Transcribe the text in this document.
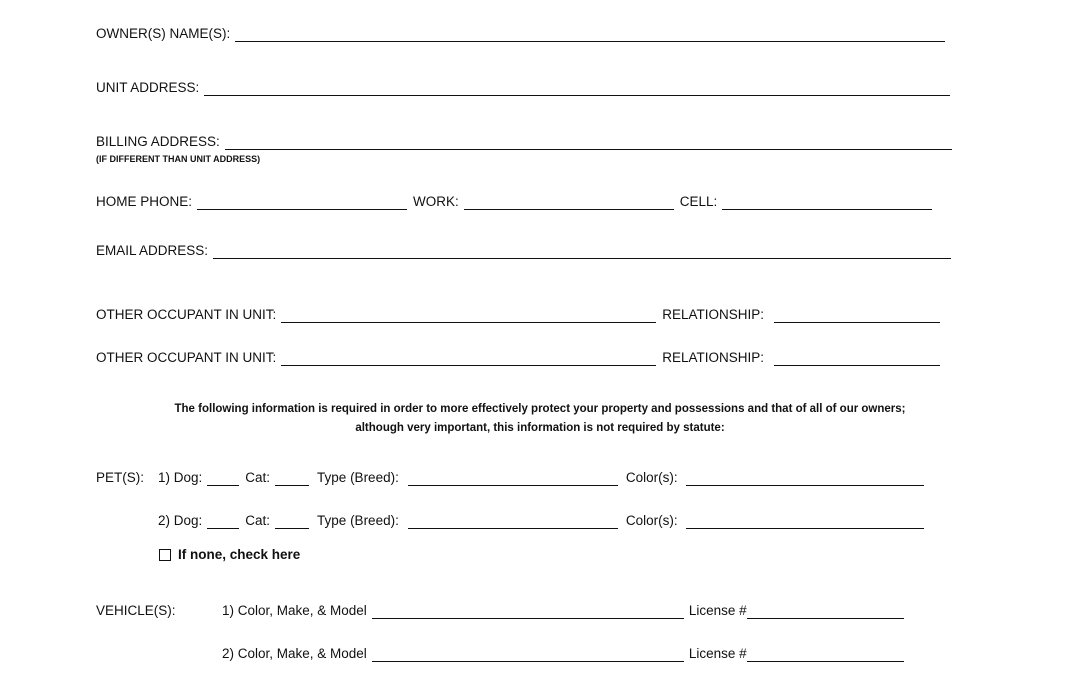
OWNER(S) NAME(S):
UNIT ADDRESS:
BILLING ADDRESS:
(IF DIFFERENT THAN UNIT ADDRESS)
HOME PHONE:	WORK:	CELL:
EMAIL ADDRESS:
OTHER OCCUPANT IN UNIT:	RELATIONSHIP:
OTHER OCCUPANT IN UNIT:	RELATIONSHIP:
The following information is required in order to more effectively protect your property and possessions and that of all of our owners;
although very important, this information is not required by statute:
PET(S):	1) Dog:	Cat:	Type (Breed):	Color(s):
2) Dog:	Cat:	Type (Breed):	Color(s):
If none, check here
VEHICLE(S):	1) Color, Make, & Model	License #
2) Color, Make, & Model	License #
